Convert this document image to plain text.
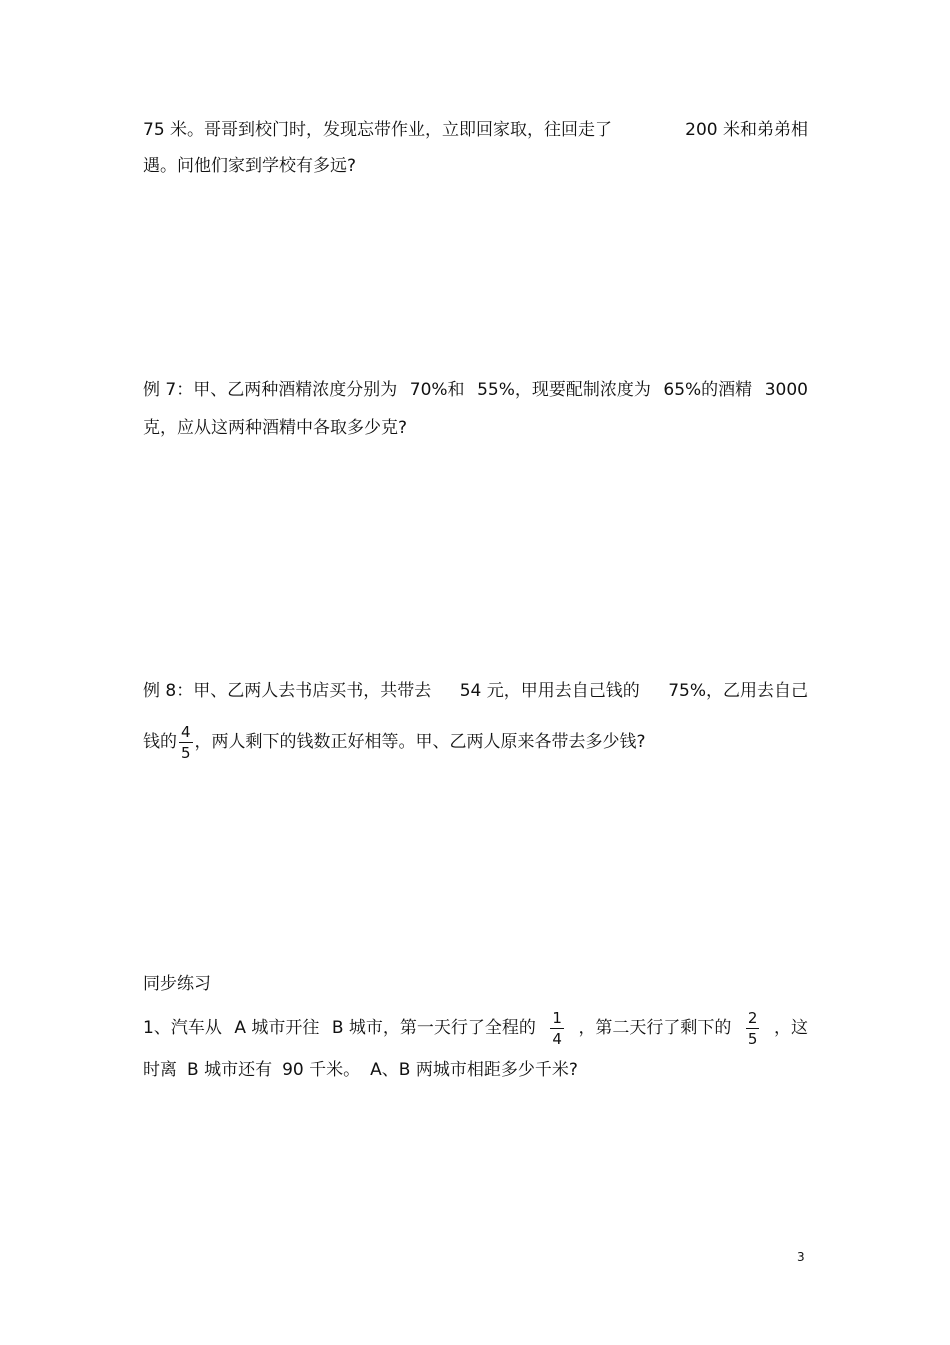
75 米。哥哥到校门时，发现忘带作业，立即回家取，往回走了	200 米和弟弟相
遇。问他们家到学校有多远?
例 7：甲、乙两种酒精浓度分别为 70%和 55%，现要配制浓度为 65%的酒精 3000
克，应从这两种酒精中各取多少克?
例 8：甲、乙两人去书店买书，共带去 54 元，甲用去自己钱的 75%，乙用去自己
钱的 $\frac{4}{5}$ ，两人剩下的钱数正好相等。甲、乙两人原来各带去多少钱?
同步练习
1、汽车从 A 城市开往 B 城市，第一天行了全程的 $\frac{1}{4}$ ，第二天行了剩下的 $\frac{2}{5}$ ，这
时离 B 城市还有 90 千米。 A、B 两城市相距多少千米?
3
